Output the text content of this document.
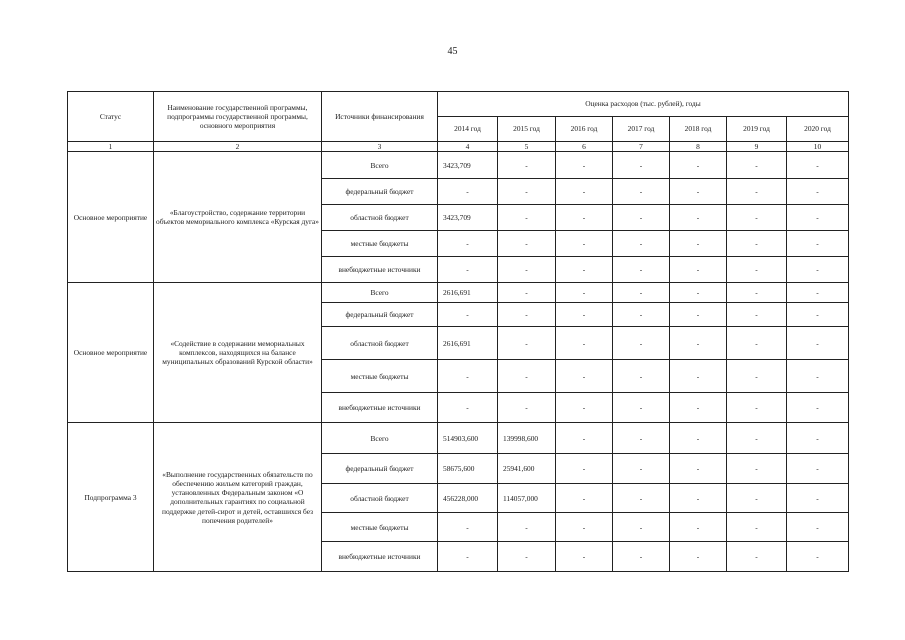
45
Статус	Наименование государственной программы, подпрограммы государственной программы, основного мероприятия	Источники финансирования	Оценка расходов (тыс. рублей), годы						
			2014 год	2015 год	2016 год	2017 год	2018 год	2019 год	2020 год
1	2	3	4	5	6	7	8	9	10
Основное мероприятие	«Благоустройство, содержание территории объектов мемориального комплекса «Курская дуга»	Всего	3423,709	-	-	-	-	-	-
		федеральный бюджет	-	-	-	-	-	-	-
		областной бюджет	3423,709	-	-	-	-	-	-
		местные бюджеты	-	-	-	-	-	-	-
		внебюджетные источники	-	-	-	-	-	-	-
Основное мероприятие	«Содействие в содержании мемориальных комплексов, находящихся на балансе муниципальных образований Курской области»	Всего	2616,691	-	-	-	-	-	-
		федеральный бюджет	-	-	-	-	-	-	-
		областной бюджет	2616,691	-	-	-	-	-	-
		местные бюджеты	-	-	-	-	-	-	-
		внебюджетные источники	-	-	-	-	-	-	-
Подпрограмма 3	«Выполнение государственных обязательств по обеспечению жильем категорий граждан, установленных Федеральным законом «О дополнительных гарантиях по социальной поддержке детей-сирот и детей, оставшихся без попечения родителей»	Всего	514903,600	139998,600	-	-	-	-	-
		федеральный бюджет	58675,600	25941,600	-	-	-	-	-
		областной бюджет	456228,000	114057,000	-	-	-	-	-
		местные бюджеты	-	-	-	-	-	-	-
		внебюджетные источники	-	-	-	-	-	-	-
